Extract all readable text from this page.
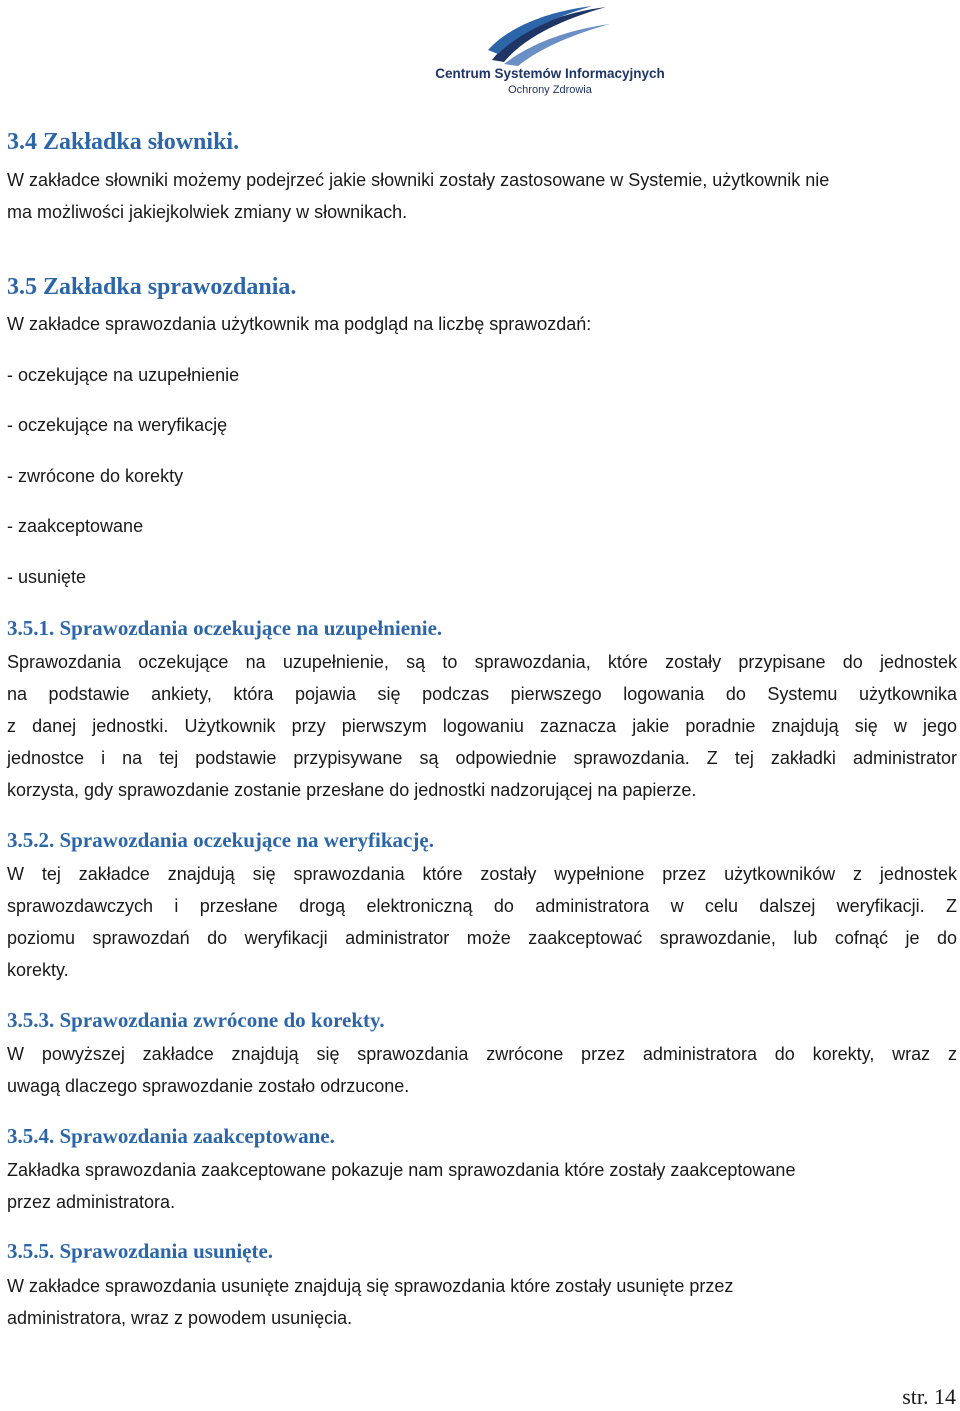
Centrum Systemów Informacyjnych
Ochrony Zdrowia
3.4 Zakładka słowniki.

W zakładce słowniki możemy podejrzeć jakie słowniki zostały zastosowane w Systemie, użytkownik nie
ma możliwości jakiejkolwiek zmiany w słownikach.

3.5 Zakładka sprawozdania.

W zakładce sprawozdania użytkownik ma podgląd na liczbę sprawozdań:

- oczekujące na uzupełnienie

- oczekujące na weryfikację

- zwrócone do korekty

- zaakceptowane

- usunięte

3.5.1. Sprawozdania oczekujące na uzupełnienie.

Sprawozdania oczekujące na uzupełnienie, są to sprawozdania, które zostały przypisane do jednostek
na podstawie ankiety, która pojawia się podczas pierwszego logowania do Systemu użytkownika
z danej jednostki. Użytkownik przy pierwszym logowaniu zaznacza jakie poradnie znajdują się w jego
jednostce i na tej podstawie przypisywane są odpowiednie sprawozdania. Z tej zakładki administrator
korzysta, gdy sprawozdanie zostanie przesłane do jednostki nadzorującej na papierze.

3.5.2. Sprawozdania oczekujące na weryfikację.

W tej zakładce znajdują się sprawozdania które zostały wypełnione przez użytkowników z jednostek
sprawozdawczych i przesłane drogą elektroniczną do administratora w celu dalszej weryfikacji. Z
poziomu sprawozdań do weryfikacji administrator może zaakceptować sprawozdanie, lub cofnąć je do
korekty.

3.5.3. Sprawozdania zwrócone do korekty.

W powyższej zakładce znajdują się sprawozdania zwrócone przez administratora do korekty, wraz z
uwagą dlaczego sprawozdanie zostało odrzucone.

3.5.4. Sprawozdania zaakceptowane.

Zakładka sprawozdania zaakceptowane pokazuje nam sprawozdania które zostały zaakceptowane
przez administratora.

3.5.5. Sprawozdania usunięte.

W zakładce sprawozdania usunięte znajdują się sprawozdania które zostały usunięte przez
administratora, wraz z powodem usunięcia.

str. 14
